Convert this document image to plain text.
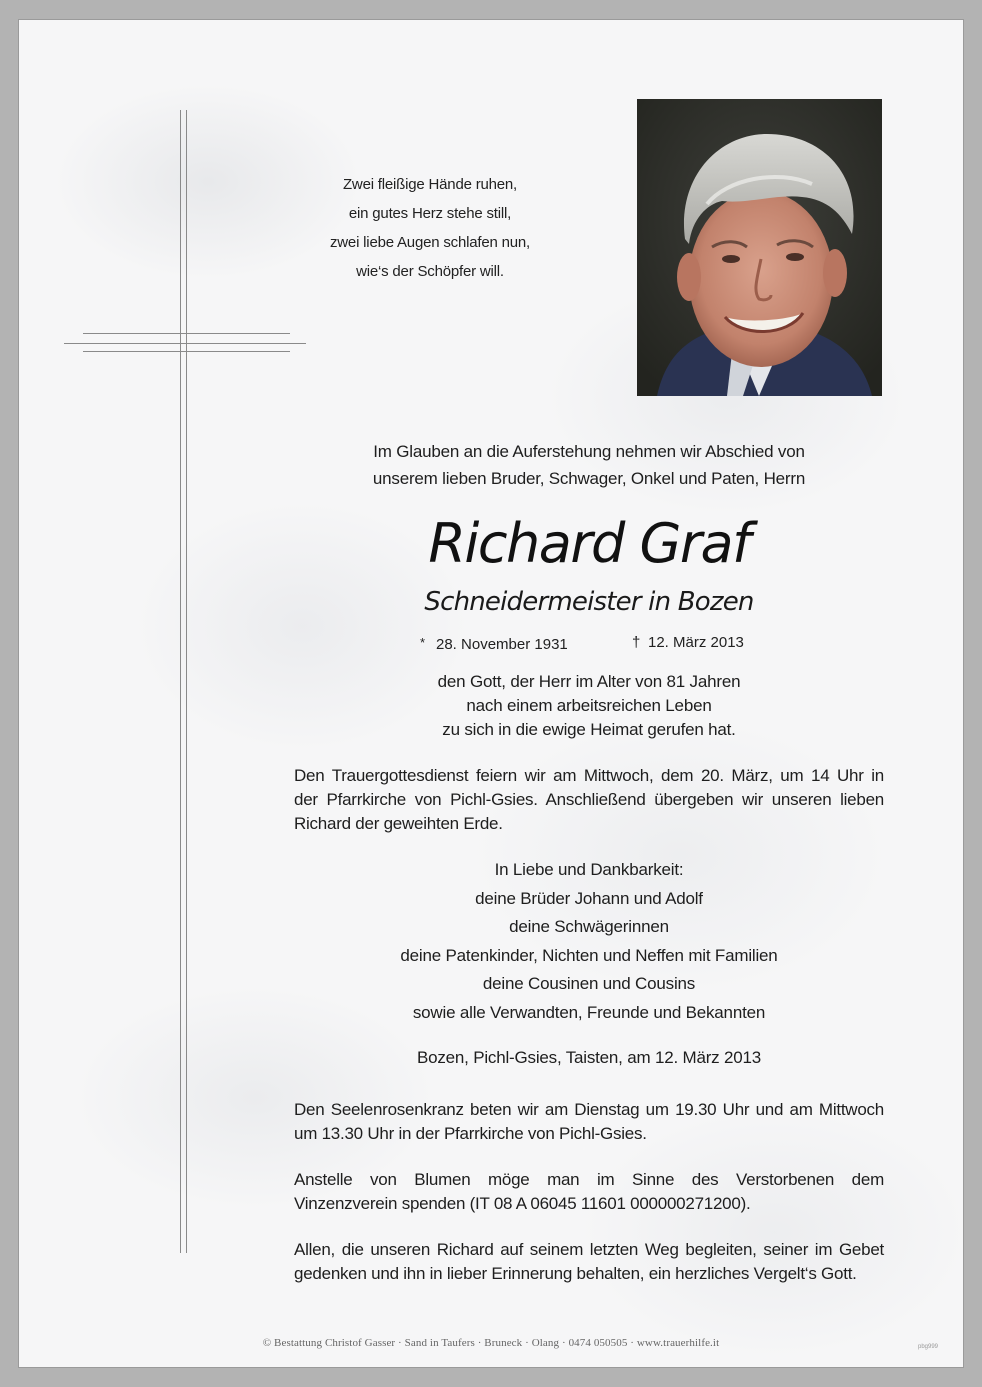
Zwei fleißige Hände ruhen,
ein gutes Herz stehe still,
zwei liebe Augen schlafen nun,
wie‘s der Schöpfer will.
Im Glauben an die Auferstehung nehmen wir Abschied von
unserem lieben Bruder, Schwager, Onkel und Paten, Herrn
Richard Graf
Schneidermeister in Bozen
* 28. November 1931	† 12. März 2013
den Gott, der Herr im Alter von 81 Jahren
nach einem arbeitsreichen Leben
zu sich in die ewige Heimat gerufen hat.
Den Trauergottesdienst feiern wir am Mittwoch, dem 20. März, um 14 Uhr in
der Pfarrkirche von Pichl-Gsies. Anschließend übergeben wir unseren lieben
Richard der geweihten Erde.
In Liebe und Dankbarkeit:
deine Brüder Johann und Adolf
deine Schwägerinnen
deine Patenkinder, Nichten und Neffen mit Familien
deine Cousinen und Cousins
sowie alle Verwandten, Freunde und Bekannten
Bozen, Pichl-Gsies, Taisten, am 12. März 2013
Den Seelenrosenkranz beten wir am Dienstag um 19.30 Uhr und am Mittwoch
um 13.30 Uhr in der Pfarrkirche von Pichl-Gsies.
Anstelle von Blumen möge man im Sinne des Verstorbenen dem
Vinzenzverein spenden (IT 08 A 06045 11601 000000271200).
Allen, die unseren Richard auf seinem letzten Weg begleiten, seiner im Gebet
gedenken und ihn in lieber Erinnerung behalten, ein herzliches Vergelt‘s Gott.
© Bestattung Christof Gasser · Sand in Taufers · Bruneck · Olang · 0474 050505 · www.trauerhilfe.it	pbg999
